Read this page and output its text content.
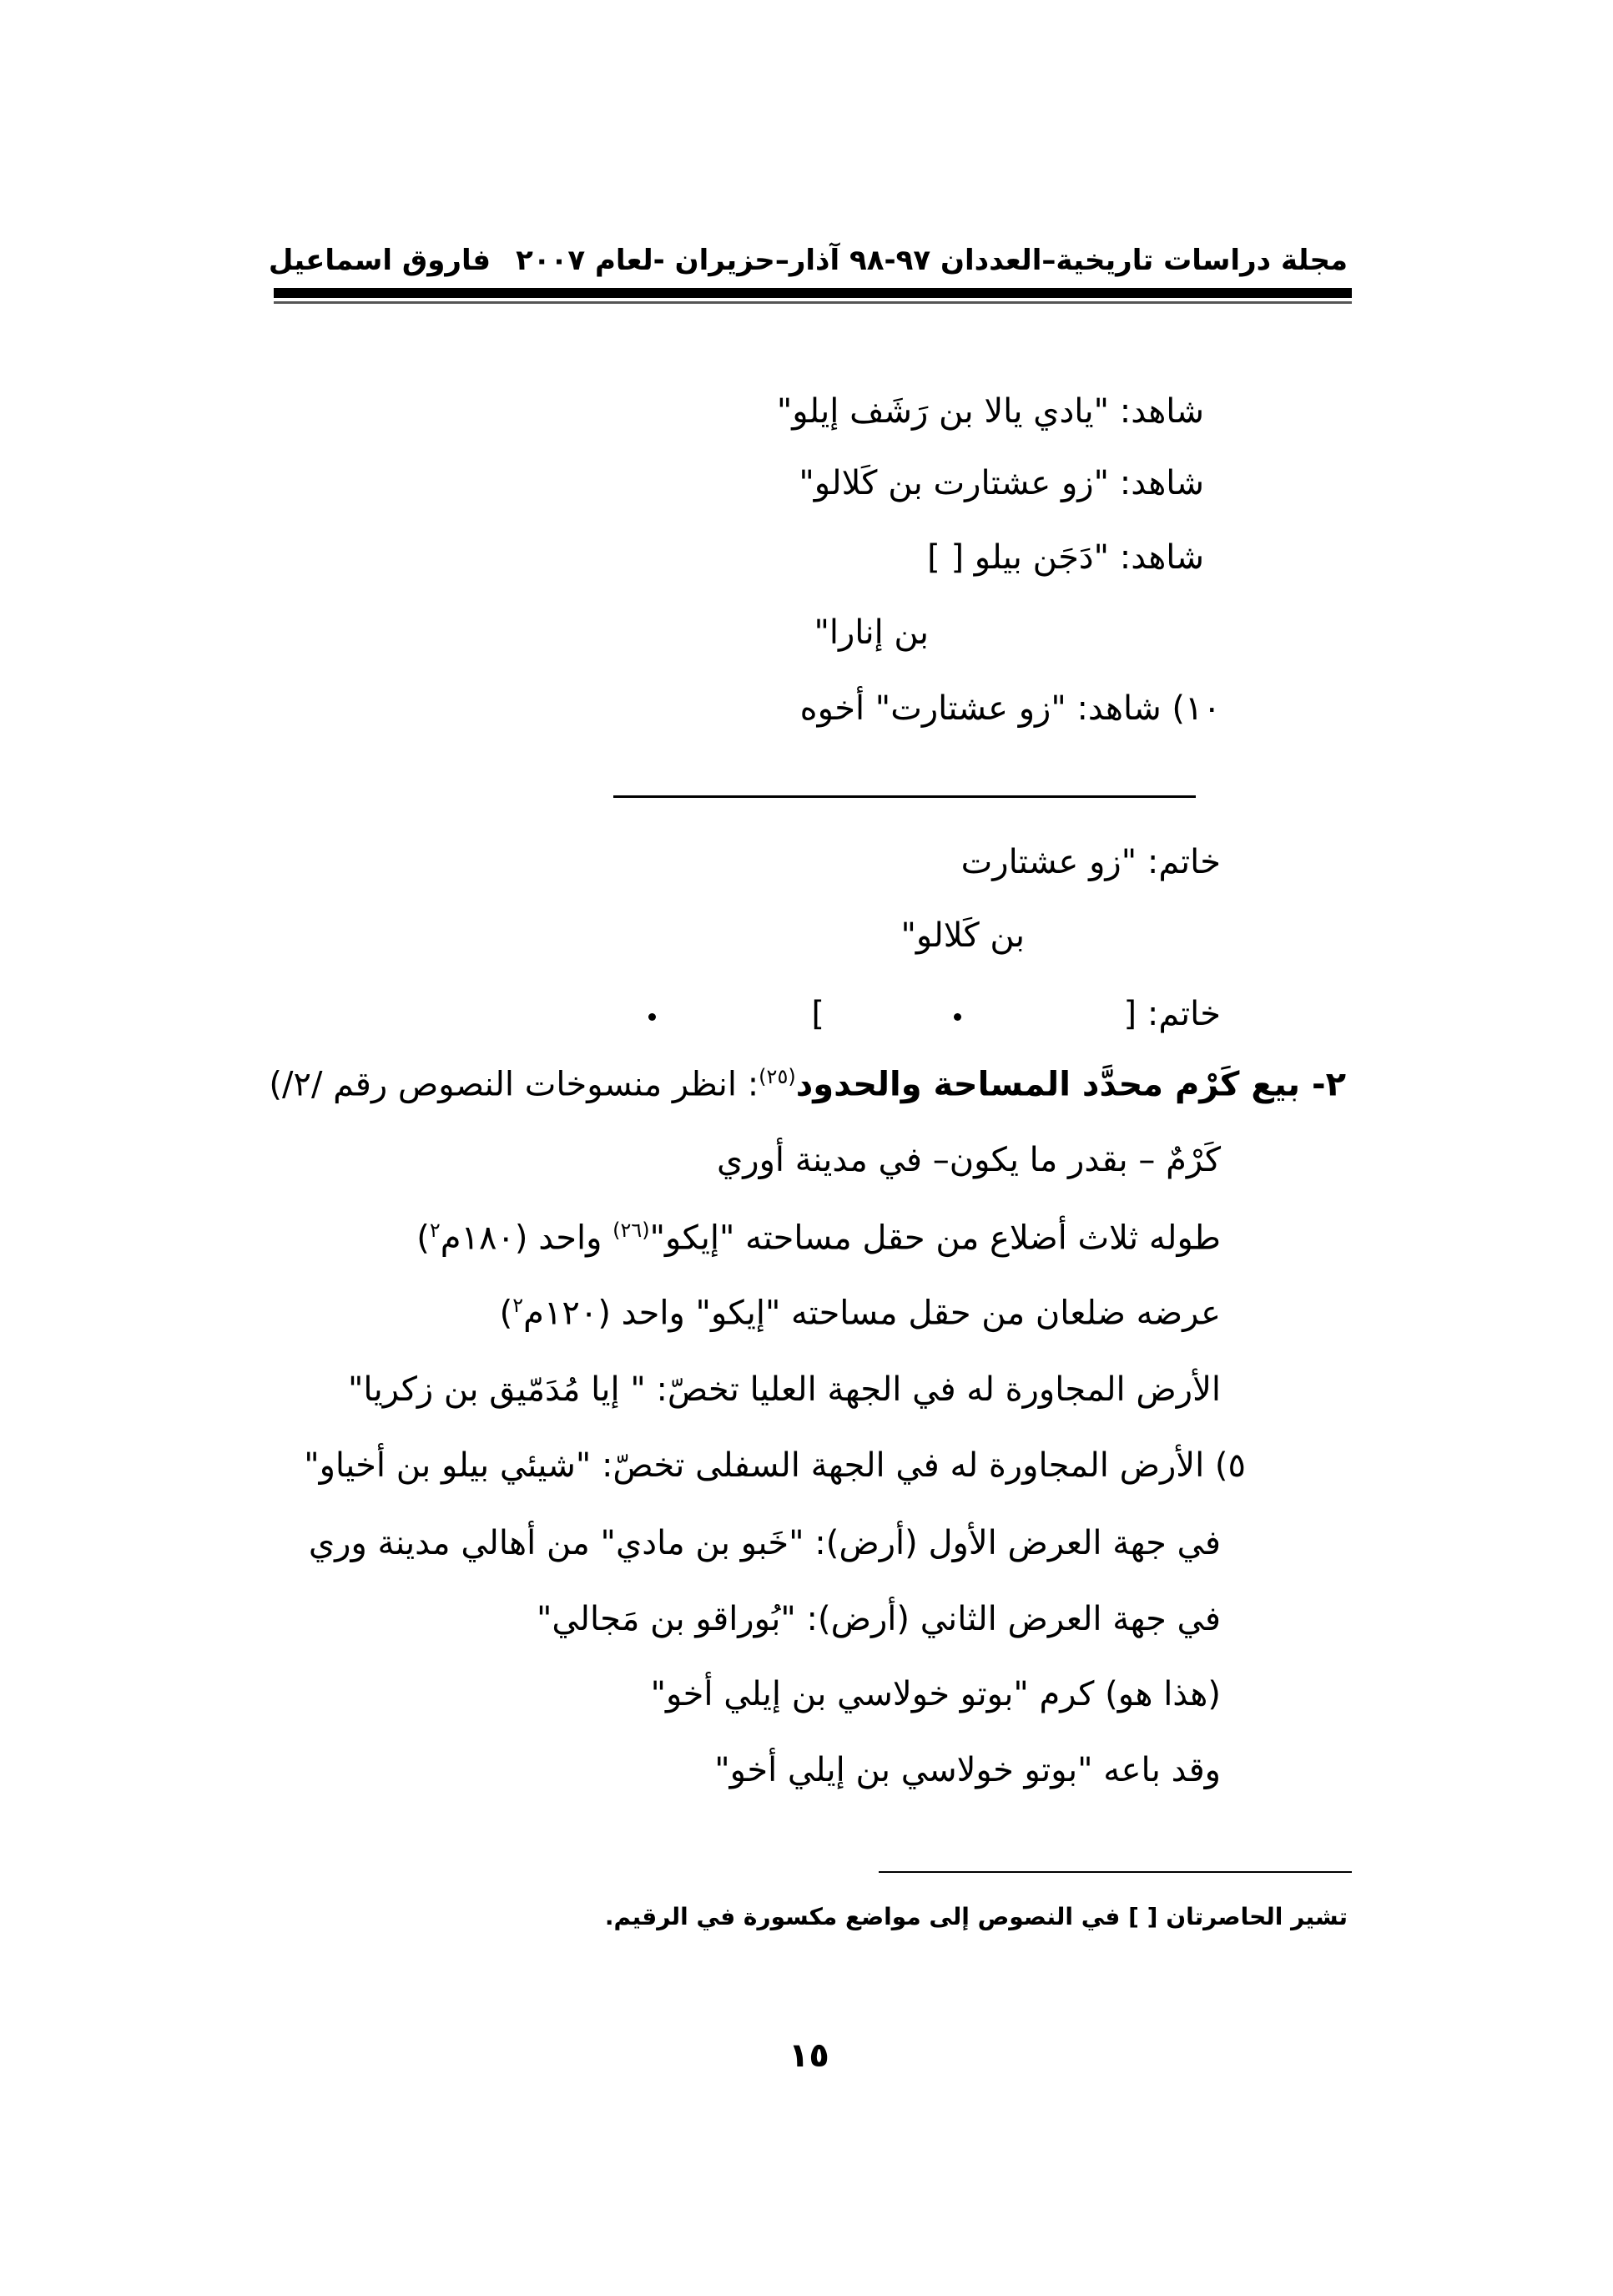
مجلة دراسات تاريخية–العددان ٩٧-٩٨ آذار–حزيران -لعام ٢٠٠٧
فاروق اسماعيل
شاهد: "يادي يالا بن رَشَف إيلو"
شاهد: "زو عشتارت بن كَلالو"
شاهد: "دَجَن بيلو [ ]
بن إنارا"
١٠) شاهد: "زو عشتارت" أخوه
خاتم: "زو عشتارت
بن كَلالو"
خاتم: [
]
٢- بيع كَرْم محدَّد المساحة والحدود$^{(٢٥)}$: انظر منسوخات النصوص رقم /٢/)
كَرْمٌ – بقدر ما يكون– في مدينة أوري
طوله ثلاث أضلاع من حقل مساحته "إيكو"$^{(٢٦)}$ واحد (١٨٠م$^٢$)
عرضه ضلعان من حقل مساحته "إيكو" واحد (١٢٠م$^٢$)
الأرض المجاورة له في الجهة العليا تخصّ: " إيا مُدَمّيق بن زكريا"
٥) الأرض المجاورة له في الجهة السفلى تخصّ: "شيئي بيلو بن أخياو"
في جهة العرض الأول (أرض): "خَبو بن مادي" من أهالي مدينة وري
في جهة العرض الثاني (أرض): "بُوراقو بن مَجالي"
(هذا هو) كرم "بوتو خولاسي بن إيلي أخو"
وقد باعه "بوتو خولاسي بن إيلي أخو"
تشير الحاصرتان [ ] في النصوص إلى مواضع مكسورة في الرقيم.
١٥
